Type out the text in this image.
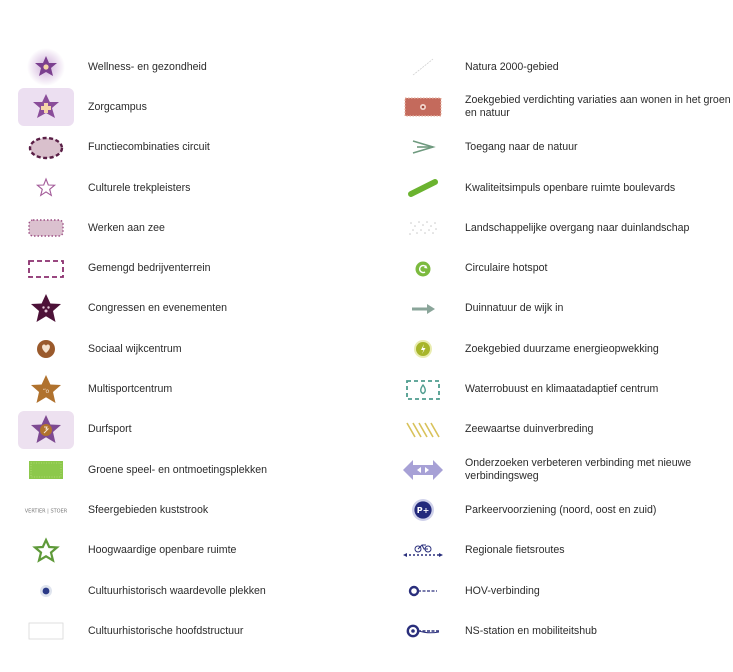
Wellness- en gezondheid
Zorgcampus
Functiecombinaties circuit
Culturele trekpleisters
Werken aan zee
Gemengd bedrijventerrein
Congressen en evenementen
Sociaal wijkcentrum
“o	Multisportcentrum
Durfsport
Groene speel- en ontmoetingsplekken
VERTIER | STOER Sfeergebieden kuststrook
Hoogwaardige openbare ruimte
Cultuurhistorisch waardevolle plekken
Cultuurhistorische hoofdstructuur
Natura 2000-gebied
Zoekgebied verdichting variaties aan wonen in het groen en natuur
Toegang naar de natuur
Kwaliteitsimpuls openbare ruimte boulevards
Landschappelijke overgang naar duinlandschap
Circulaire hotspot
Duinnatuur de wijk in
Zoekgebied duurzame energieopwekking
Waterrobuust en klimaatadaptief centrum
Zeewaartse duinverbreding
Onderzoeken verbeteren verbinding met nieuwe verbindingsweg
P+	Parkeervoorziening (noord, oost en zuid)
Regionale fietsroutes
HOV-verbinding
NS-station en mobiliteitshub
